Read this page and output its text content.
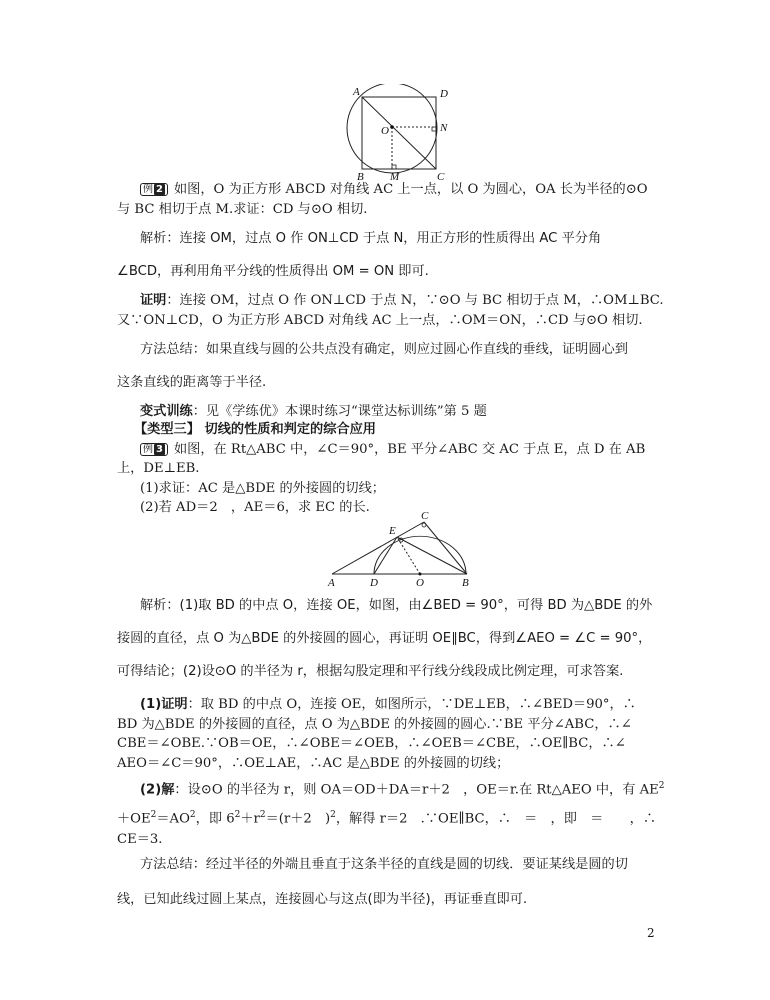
A	D
O	N
B M	C
例 2 如图，O 为正方形 ABCD 对角线 AC 上一点，以 O 为圆心，OA 长为半径的⊙O
与 BC 相切于点 M.求证：CD 与⊙O 相切.
解析：连接 OM，过点 O 作 ON⊥CD 于点 N，用正方形的性质得出 AC 平分角
∠BCD，再利用角平分线的性质得出 OM = ON 即可.
证明：连接 OM，过点 O 作 ON⊥CD 于点 N，∵⊙O 与 BC 相切于点 M，∴OM⊥BC.
又∵ON⊥CD，O 为正方形 ABCD 对角线 AC 上一点，∴OM＝ON，∴CD 与⊙O 相切.
方法总结：如果直线与圆的公共点没有确定，则应过圆心作直线的垂线，证明圆心到
这条直线的距离等于半径.
变式训练：见《学练优》本课时练习“课堂达标训练”第 5 题
【类型三】 切线的性质和判定的综合应用
例 3 如图，在 Rt△ABC 中，∠C＝90°，BE 平分∠ABC 交 AC 于点 E，点 D 在 AB
上，DE⊥EB.
(1)求证：AC 是△BDE 的外接圆的切线；
(2)若 AD＝2　，AE＝6，求 EC 的长.
C
E
A	D	O	B
解析：(1)取 BD 的中点 O，连接 OE，如图，由∠BED = 90°，可得 BD 为△BDE 的外
接圆的直径，点 O 为△BDE 的外接圆的圆心，再证明 OE∥BC，得到∠AEO = ∠C = 90°，
可得结论；(2)设⊙O 的半径为 r，根据勾股定理和平行线分线段成比例定理，可求答案.
(1)证明：取 BD 的中点 O，连接 OE，如图所示，∵DE⊥EB，∴∠BED＝90°，∴
BD 为△BDE 的外接圆的直径，点 O 为△BDE 的外接圆的圆心.∵BE 平分∠ABC，∴∠
CBE＝∠OBE.∵OB＝OE，∴∠OBE＝∠OEB，∴∠OEB＝∠CBE，∴OE∥BC，∴∠
AEO＝∠C＝90°，∴OE⊥AE，∴AC 是△BDE 的外接圆的切线；
(2)解：设⊙O 的半径为 r，则 OA＝OD＋DA＝r＋2　，OE＝r.在 Rt△AEO 中，有 $AE^2$
$+OE^2=AO^2$，即 $6^2+r^2=(r+2$　)$^2$，解得 r＝2　.∵OE∥BC，∴　＝　，即　＝　　，∴
CE＝3.
方法总结：经过半径的外端且垂直于这条半径的直线是圆的切线．要证某线是圆的切
线，已知此线过圆上某点，连接圆心与这点(即为半径)，再证垂直即可.
2
